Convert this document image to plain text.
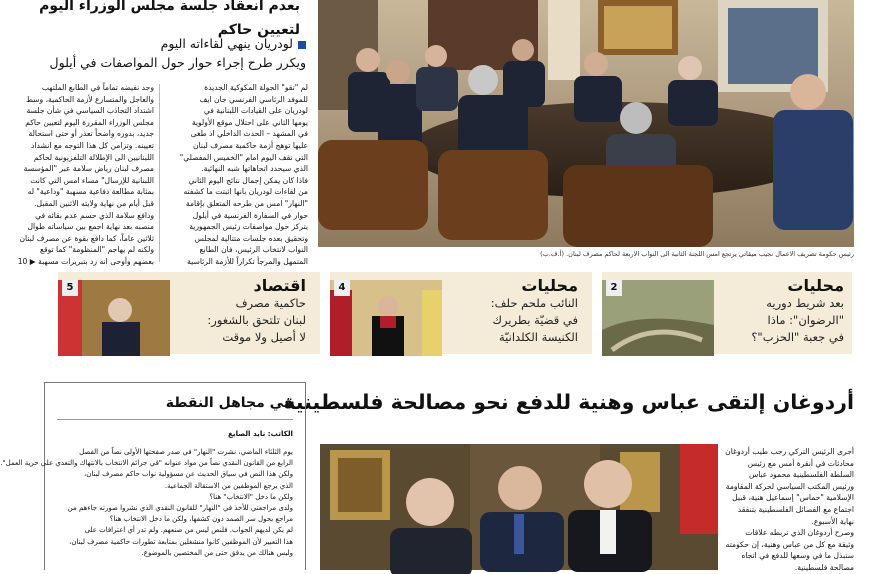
بعدم انعقاد جلسة مجلس الوزراء اليوم لتعيين حاكم
لودريان ينهي لقاءاته اليوم
ويكرر طرح إجراء حوار حول المواصفات في أيلول
وجد نفيضه تماماً في الطابع الملتهب
والعاجل والمتسارع لأزمة الحاكمية، وسط
اشتداد التجاذب السياسي في شأن جلسة
مجلس الوزراء المقررة اليوم لتعيين حاكم
جديد، بدوره واضحاً تعذر أو حتى استحالة
تعيينه. وتزامن كل هذا التوجه مع انشداد
اللبنانيين الى الإطلالة التلفزيونية لحاكم
مصرف لبنان رياض سلامة عبر "المؤسسة
اللبنانية للإرسال" مساء امس التي كانت
بمثابة مطالعة دفاعية مسهبة "وداعية" له
قبل أيام من نهاية ولايته الاثنين المقبل.
ودافع سلامة الذي حسم عدم بقائه في
منصبه بعد نهاية اجمع بين سياساته طوال
ثلاثين عاماً، كما دافع بقوة عن مصرف لبنان
ولكنه لم يهاجم "المنظومة" كما توقع
بعضهم وأوحى انه رد بتبريرات مسهبة ▶ 10
لم "تقو" الجولة المكوكية الجديدة
للموفد الرئاسي الفرنسي جان ايف
لودريان على القيادات اللبنانية في
يومها الثاني على احتلال موقع الأولوية
في المشهد – الحدث الداخلي اذ طغى
عليها توهج أزمة حاكمية مصرف لبنان
التي تقف اليوم امام "الخميس المفصلي"
الذي سيحدد اتجاهاتها شبه النهائية.
فاذا كان يمكن إجمال نتائج اليوم الثاني
من لقاءات لودريان بانها اثبتت ما كشفته
"النهار" امس من طرحه المتعلق بإقامة
حوار في السفارة الفرنسية في أيلول
يتركز حول مواصفات رئيس الجمهورية
وتحقيق بعده جلسات متتالية لمجلس
النواب لانتخاب الرئيس، فان الطابع
المتمهل والمرجأ تكراراً للأزمة الرئاسية
رئيس حكومة تصريف الاعمال نجيب ميقاتي يرتجع امس اللجنة الثانية الى النواب الاربعة لحاكم مصرف لبنان. (أ.ف.ب)
محليات
بعد شريط دوريه
"الرضوان": ماذا
في جعبة "الحزب"؟
2
محليات
النائب ملحم حلف:
في قضيّة بطريرك
الكنيسة الكلدانيّة
4
اقتصاد
حاكمية مصرف
لبنان تلتحق بالشغور:
لا أصيل ولا موقت
5
أردوغان إلتقى عباس وهنية للدفع نحو مصالحة فلسطينية
أجرى الرئيس التركي رجب طيب أردوغان
محادثات في أنقرة أمس مع رئيس
السلطة الفلسطينية محمود عباس
ورئيس المكتب السياسي لحركة المقاومة
الإسلامية "حماس" إسماعيل هنية، قبيل
اجتماع مع الفصائل الفلسطينية بتنفقد
نهاية الأسبوع.
وصرح أردوغان الذي تربطه علاقات
وثيقة مع كل من عباس وهنية، إن حكومته
ستبذل ما في وسعها للدفع في اتجاه
مصالحة فلسطينية.
في مجاهل النقطة
الكاتب: نايد الصايغ
يوم الثلثاء الماضي، نشرت "النهار" في صدر صفحتها الأولى نصاً من الفصل
الرابع من القانون النقدي نصاً من مواد عنوانه "في جرائم الانتخاب بالانتهاك والتعدي على حرية العمل".
ولكن هذا النص في سياق الحديث عن مسؤولية نواب حاكم مصرف لبنان،
الذي يرجع الموظفين من الاستقالة الجماعية.
ولكن ما دخل "الانتخاب" هنا؟
ولدى مراجعتي للأخذ في "النهار" للقانون النقدي الذي نشروا صورته جاءهم من
مراجع يحول سر الصمد دون كشفها، ولكن ما دخل الانتخاب هنا؟
لم يكن لديهم الجواب. فلنص ليس من صنعهم. ولم تدر أي اعترافات على
هذا التعبير لأن الموظفين كانوا منشغلين بمتابعة تطورات حاكمية مصرف لبنان،
وليس هنالك من يدقق حتى من المختصين بالموضوع.
